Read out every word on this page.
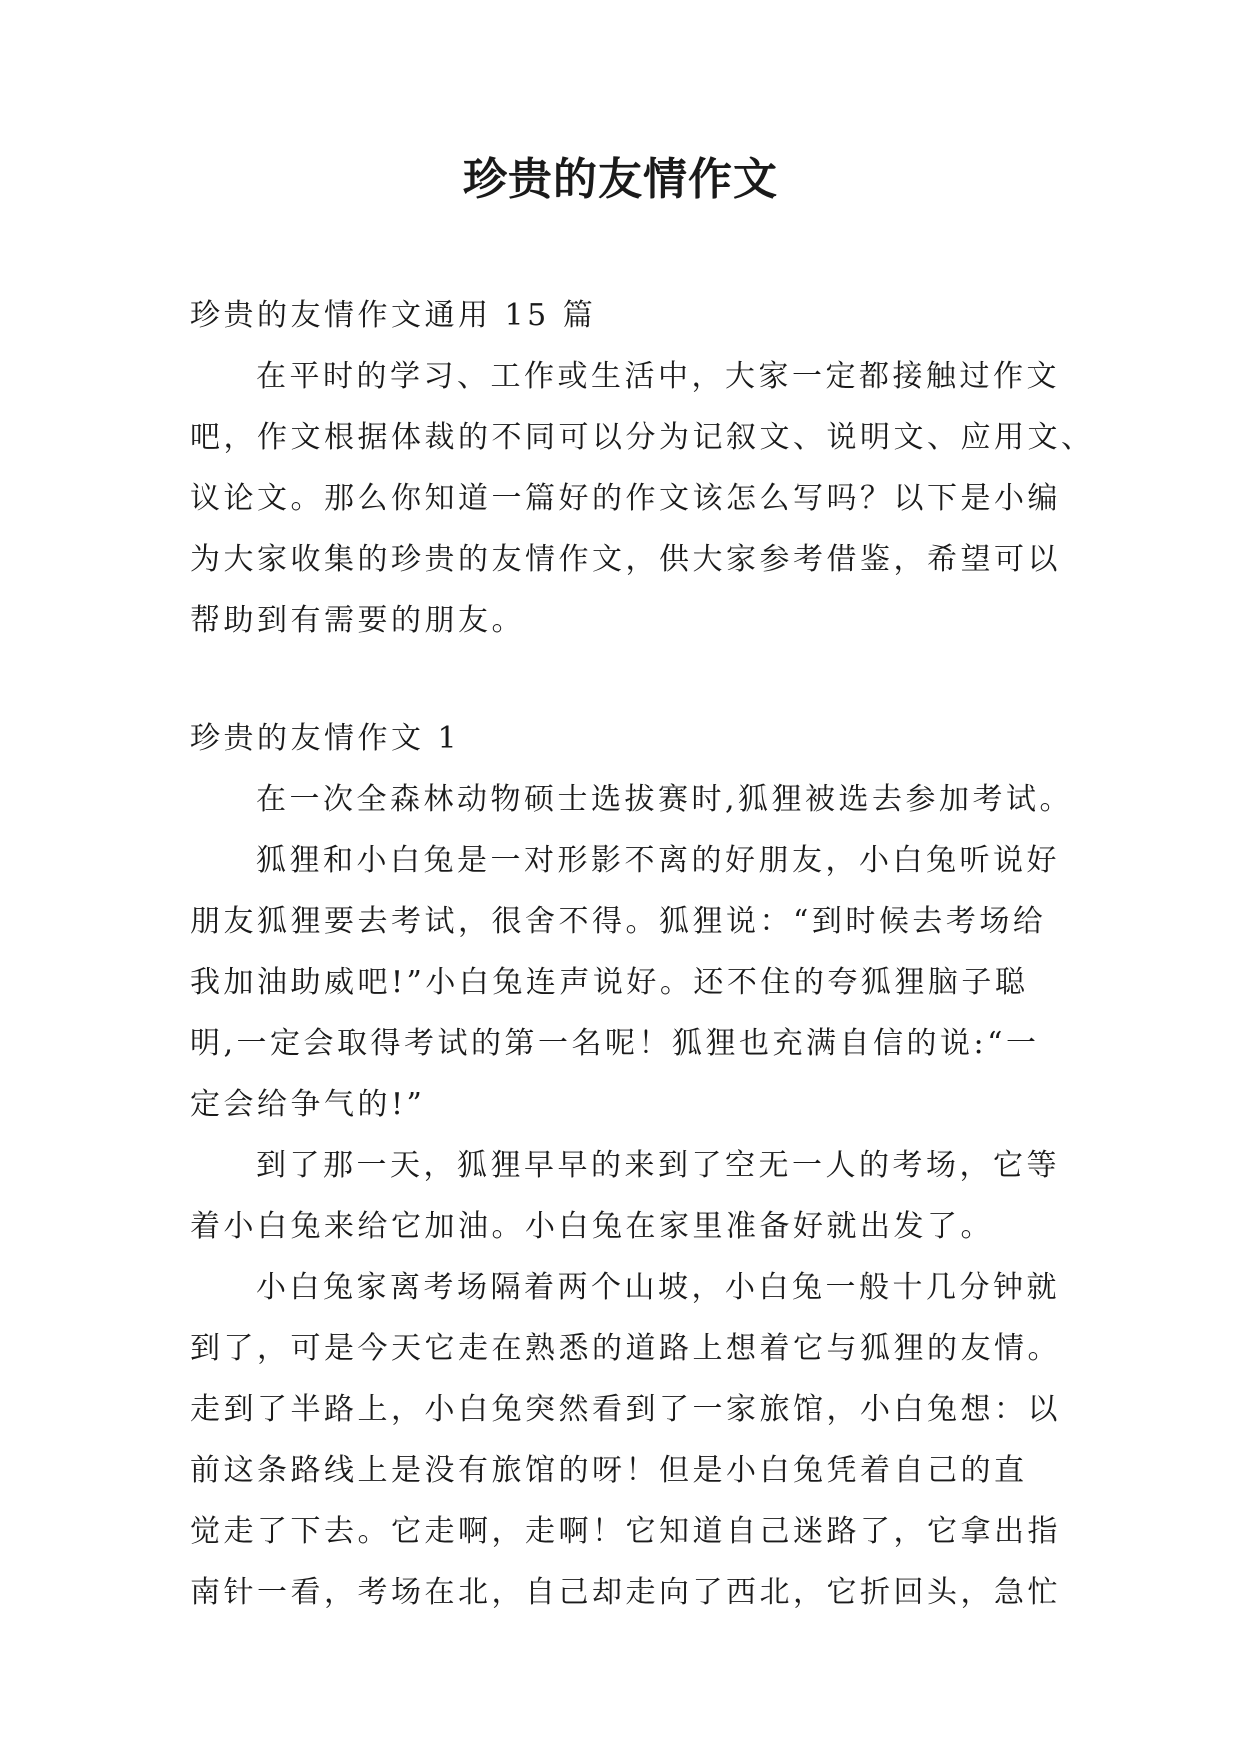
珍贵的友情作文
珍贵的友情作文通用 15 篇
在平时的学习、工作或生活中，大家一定都接触过作文
吧，作文根据体裁的不同可以分为记叙文、说明文、应用文、
议论文。那么你知道一篇好的作文该怎么写吗？以下是小编
为大家收集的珍贵的友情作文，供大家参考借鉴，希望可以
帮助到有需要的朋友。
珍贵的友情作文 1
在一次全森林动物硕士选拔赛时,狐狸被选去参加考试。
狐狸和小白兔是一对形影不离的好朋友，小白兔听说好
朋友狐狸要去考试，很舍不得。狐狸说：“到时候去考场给
我加油助威吧!”小白兔连声说好。还不住的夸狐狸脑子聪
明,一定会取得考试的第一名呢！狐狸也充满自信的说:“一
定会给争气的!”
到了那一天，狐狸早早的来到了空无一人的考场，它等
着小白兔来给它加油。小白兔在家里准备好就出发了。
小白兔家离考场隔着两个山坡，小白兔一般十几分钟就
到了，可是今天它走在熟悉的道路上想着它与狐狸的友情。
走到了半路上，小白兔突然看到了一家旅馆，小白兔想：以
前这条路线上是没有旅馆的呀！但是小白兔凭着自己的直
觉走了下去。它走啊，走啊！它知道自己迷路了，它拿出指
南针一看，考场在北，自己却走向了西北，它折回头，急忙
